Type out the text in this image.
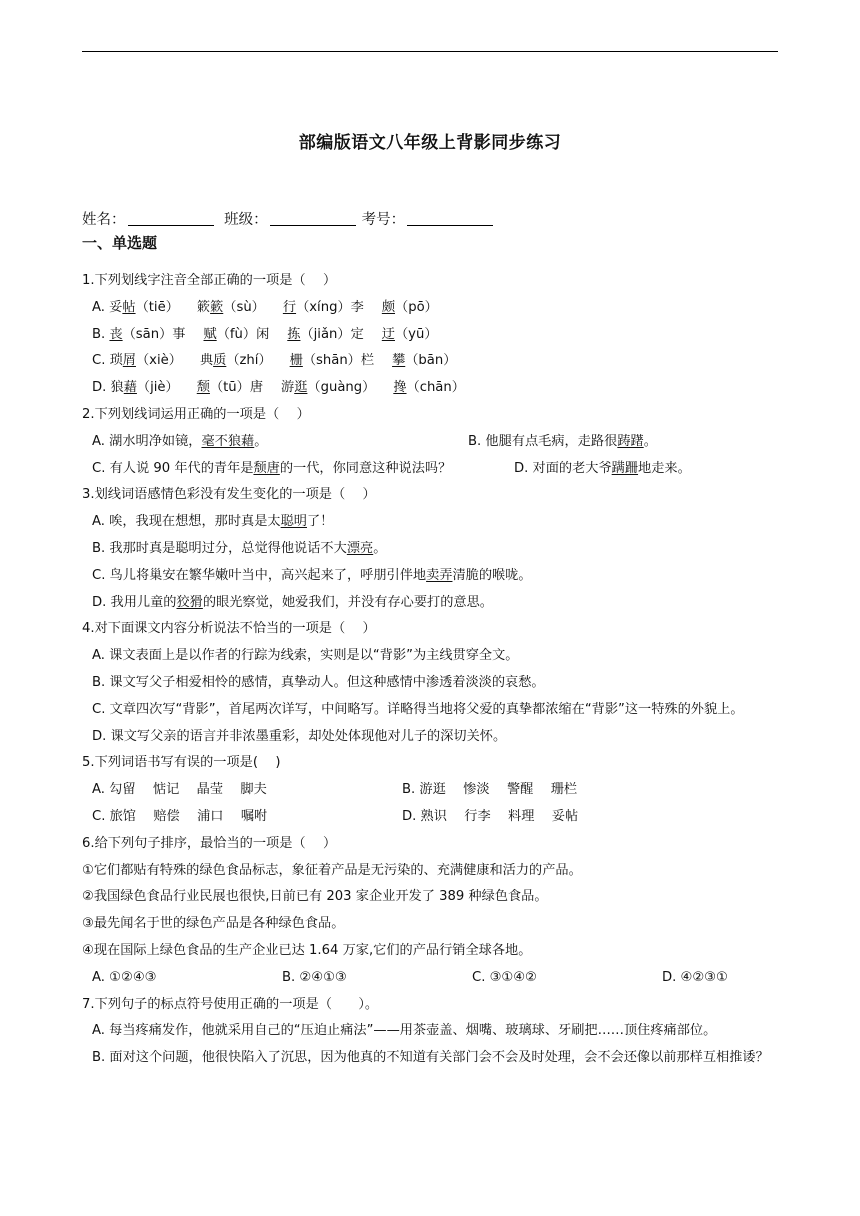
部编版语文八年级上背影同步练习
姓名：	班级：	考号：
一、单选题
1.下列划线字注音全部正确的一项是（　 ）
A. 妥帖（tiē） 簌簌（sù） 行（xíng）李 颇（pō）
B. 丧（sān）事 赋（fù）闲 拣（jiǎn）定 迂（yū）
C. 琐屑（xiè） 典质（zhí） 栅（shān）栏 攀（bān）
D. 狼藉（jiè） 颓（tū）唐 游逛（guàng） 搀（chān）
2.下列划线词运用正确的一项是（　 ）
A. 湖水明净如镜，毫不狼藉。	B. 他腿有点毛病，走路很踌躇。
C. 有人说 90 年代的青年是颓唐的一代，你同意这种说法吗？	D. 对面的老大爷蹒跚地走来。
3.划线词语感情色彩没有发生变化的一项是（　 ）
A. 唉，我现在想想，那时真是太聪明了！
B. 我那时真是聪明过分，总觉得他说话不大漂亮。
C. 鸟儿将巢安在繁华嫩叶当中，高兴起来了，呼朋引伴地卖弄清脆的喉咙。
D. 我用儿童的狡猾的眼光察觉，她爱我们，并没有存心要打的意思。
4.对下面课文内容分析说法不恰当的一项是（　 ）
A. 课文表面上是以作者的行踪为线索，实则是以“背影”为主线贯穿全文。
B. 课文写父子相爱相怜的感情，真挚动人。但这种感情中渗透着淡淡的哀愁。
C. 文章四次写“背影”，首尾两次详写，中间略写。详略得当地将父爱的真挚都浓缩在“背影”这一特殊的外貌上。
D. 课文写父亲的语言并非浓墨重彩，却处处体现他对儿子的深切关怀。
5.下列词语书写有误的一项是(　 )
A. 勾留　 惦记　 晶莹　 脚夫	B. 游逛　 惨淡　 警醒　 珊栏
C. 旅馆　 赔偿　 浦口　 嘱咐	D. 熟识　 行李　 料理　 妥帖
6.给下列句子排序，最恰当的一项是（　 ）
①它们都贴有特殊的绿色食品标志，象征着产品是无污染的、充满健康和活力的产品。
②我国绿色食品行业民展也很快,日前已有 203 家企业开发了 389 种绿色食品。
③最先闻名于世的绿色产品是各种绿色食品。
④现在国际上绿色食品的生产企业已达 1.64 万家,它们的产品行销全球各地。
A. ①②④③	B. ②④①③	C. ③①④②	D. ④②③①
7.下列句子的标点符号使用正确的一项是（　　）。
A. 每当疼痛发作，他就采用自己的“压迫止痛法”——用茶壶盖、烟嘴、玻璃球、牙刷把……顶住疼痛部位。
B. 面对这个问题，他很快陷入了沉思，因为他真的不知道有关部门会不会及时处理，会不会还像以前那样互相推诿？
